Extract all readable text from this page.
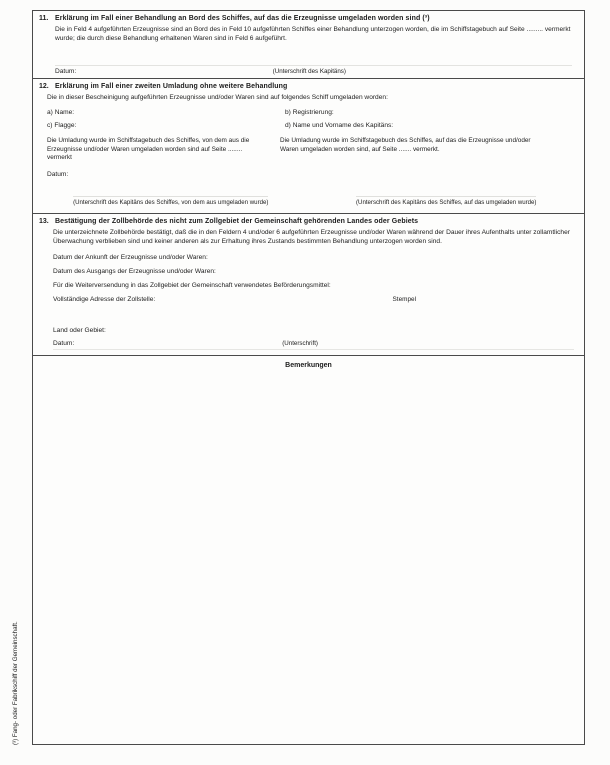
(³) Fang- oder Fabrikschiff der Gemeinschaft.
11. Erklärung im Fall einer Behandlung an Bord des Schiffes, auf das die Erzeugnisse umgeladen worden sind (³)
Die in Feld 4 aufgeführten Erzeugnisse sind an Bord des in Feld 10 aufgeführten Schiffes einer Behandlung unterzogen worden, die im Schiffstagebuch auf Seite ......... vermerkt wurde; die durch diese Behandlung erhaltenen Waren sind in Feld 6 aufgeführt.
Datum:	(Unterschrift des Kapitäns)
12. Erklärung im Fall einer zweiten Umladung ohne weitere Behandlung
Die in dieser Bescheinigung aufgeführten Erzeugnisse und/oder Waren sind auf folgendes Schiff umgeladen worden:
a) Name:	b) Registrierung:
c) Flagge:	d) Name und Vorname des Kapitäns:
Die Umladung wurde im Schiffstagebuch des Schiffes, von dem aus die Erzeugnisse und/oder Waren umgeladen worden sind auf Seite ........ vermerkt
Die Umladung wurde im Schiffstagebuch des Schiffes, auf das die Erzeugnisse und/oder Waren umgeladen worden sind, auf Seite ....... vermerkt.
Datum:
(Unterschrift des Kapitäns des Schiffes, von dem aus umgeladen wurde)	(Unterschrift des Kapitäns des Schiffes, auf das umgeladen wurde)
13. Bestätigung der Zollbehörde des nicht zum Zollgebiet der Gemeinschaft gehörenden Landes oder Gebiets
Die unterzeichnete Zollbehörde bestätigt, daß die in den Feldern 4 und/oder 6 aufgeführten Erzeugnisse und/oder Waren während der Dauer ihres Aufenthalts unter zollamtlicher Überwachung verblieben sind und keiner anderen als zur Erhaltung ihres Zustands bestimmten Behandlung unterzogen worden sind.
Datum der Ankunft der Erzeugnisse und/oder Waren:
Datum des Ausgangs der Erzeugnisse und/oder Waren:
Für die Weiterversendung in das Zollgebiet der Gemeinschaft verwendetes Beförderungsmittel:
Vollständige Adresse der Zollstelle:	Stempel
Land oder Gebiet:
Datum:	(Unterschrift)
Bemerkungen
